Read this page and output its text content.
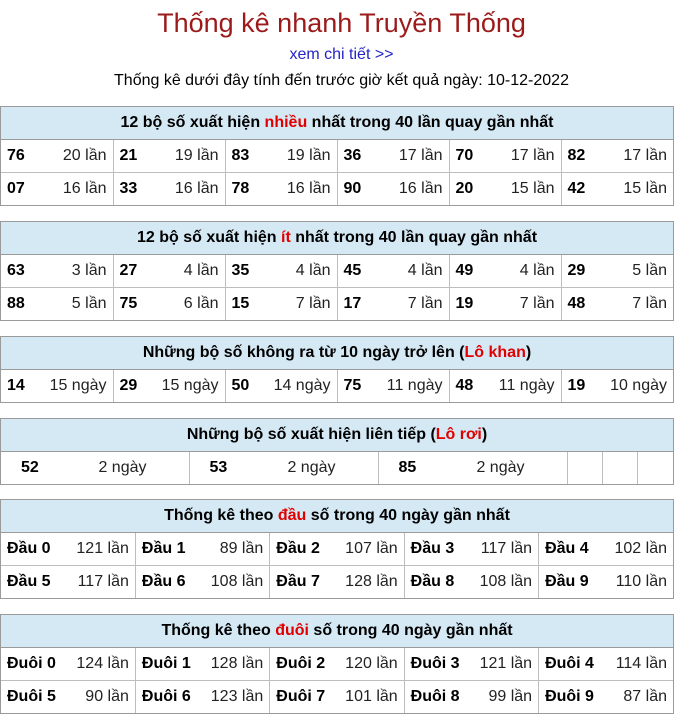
Thống kê nhanh Truyền Thống
xem chi tiết >>
Thống kê dưới đây tính đến trước giờ kết quả ngày: 10-12-2022
12 bộ số xuất hiện nhiều nhất trong 40 lần quay gần nhất
76 20 lần	21 19 lần	83 19 lần	36 17 lần	70 17 lần	82 17 lần

07 16 lần	33 16 lần	78 16 lần	90 16 lần	20 15 lần	42 15 lần
12 bộ số xuất hiện ít nhất trong 40 lần quay gần nhất
63 3 lần	27 4 lần	35 4 lần	45 4 lần	49 4 lần	29 5 lần

88 5 lần	75 6 lần	15 7 lần	17 7 lần	19 7 lần	48 7 lần
Những bộ số không ra từ 10 ngày trở lên (Lô khan)
14 15 ngày	29 15 ngày	50 14 ngày	75 11 ngày	48 11 ngày	19 10 ngày
Những bộ số xuất hiện liên tiếp (Lô rơi)
52	2 ngày	53	2 ngày	85	2 ngày

Thống kê theo đầu số trong 40 ngày gần nhất
Đầu 0 121 lần	Đầu 1 89 lần	Đầu 2 107 lần	Đầu 3 117 lần	Đầu 4 102 lần

Đầu 5 117 lần	Đầu 6 108 lần	Đầu 7 128 lần	Đầu 8 108 lần	Đầu 9 110 lần
Thống kê theo đuôi số trong 40 ngày gần nhất
Đuôi 0 124 lần	Đuôi 1 128 lần	Đuôi 2 120 lần	Đuôi 3 121 lần	Đuôi 4 114 lần

Đuôi 5 90 lần	Đuôi 6 123 lần	Đuôi 7 101 lần	Đuôi 8 99 lần	Đuôi 9 87 lần
